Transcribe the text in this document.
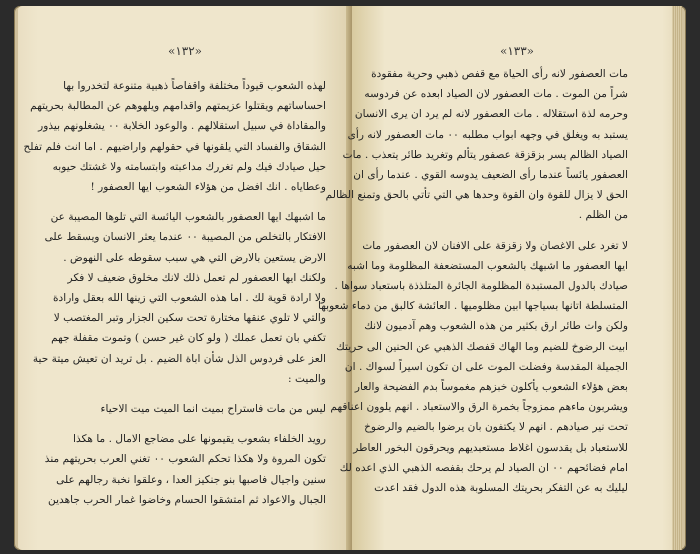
«١٣٢»
لهذه الشعوب قيوداً مختلفة واقفاصاً ذهبية متنوعة لتخدروا بها
احساساتهم ويقتلوا عزيمتهم واقدامهم ويلهوهم عن المطالبة بحريتهم
والمقاداة في سبيل استقلالهم . والوعود الخلابة ٠٠ يشغلونهم بيذور
الشقاق والفساد التي يلقونها في حقولهم واراضيهم . اما انت فلم تفلح
حيل صيادك فيك ولم تغررك مداعبته وابتسامته ولا غشتك حيوبه
وعطاياه . انك افضل من هؤلاء الشعوب ايها العصفور !
ما اشبهك ايها العصفور بالشعوب اليائسة التي تلوها المصيبة عن
الافتكار بالتخلص من المصيبة ٠٠ عندما يعثر الانسان ويسقط على
الارض يستعين بالارض التي هي سبب سقوطه على النهوض .
ولكنك ايها العصفور لم تعمل ذلك لانك مخلوق ضعيف لا فكر
ولا ارادة قوية لك . اما هذه الشعوب التي زينها الله بعقل وارادة
والتي لا تلوي عنقها مختارة تحت سكين الجزار وتبر المغتصب لا
تكفي بان تعمل عملك ( ولو كان غير حسن ) وتموت مقفلة جهم
العز على فردوس الذل شأن اباة الضيم . بل تريد ان تعيش ميتة حية
والميت :
ليس من مات فاستراح بميت انما الميت ميت الاحياء
رويد الخلفاء بشعوب يقيمونها على مضاجع الامال . ما هكذا
تكون المروة ولا هكذا تحكم الشعوب ٠٠ تغني العرب بحريتهم منذ
سنين واجيال فاصبها بنو جنكيز العدا ، وعلقوا نخبة رجالهم على
الجبال والاعواد ثم امتشقوا الحسام وخاضوا غمار الحرب جاهدين
«١٣٣»
مات العصفور لانه رأى الحياة مع قفص ذهبي وحرية مفقودة
شراً من الموت . مات العصفور لان الصياد ابعده عن فردوسه
وحرمه لذة استقلاله . مات العصفور لانه لم يرد ان يرى الانسان
يستبد به ويغلق في وجهه ابواب مطلبه ٠٠ مات العصفور لانه رأى
الصياد الظالم يسر بزقزقة عصفور يتألم وتغريد طائر يتعذب . مات
العصفور يائساً عندما رأى الضعيف يدوسه القوي . عندما رأى ان
الحق لا يزال للقوة وان القوة وحدها هي التي تأتي بالحق وتمنع الظالم
من الظلم .
لا تغرد على الاغصان ولا زقزقة على الافنان لان العصفور مات
ايها العصفور ما اشبهك بالشعوب المستضعفة المظلومة وما اشبه
صيادك بالدول المستبدة المظلومة الجائرة المتلذذة باستعباد سواها .
المتسلطة اتانها بسياجها ابين مظلوميها . العائشة كالبق من دماء شعوبها
ولكن وات طائر ارق بكثير من هذه الشعوب وهم آدميون لانك
ابيت الرضوخ للضيم وما الهاك قفصك الذهبي عن الحنين الى حريتك
الجميلة المقدسة وفضلت الموت على ان تكون اسيراً لسواك . ان
بعض هؤلاء الشعوب يأكلون خبزهم مغموساً بدم الفضيحة والعار
ويشربون ماءهم ممزوجاً بخمرة الرق والاستعباد . انهم يلوون اعناقهم
تحت نير صيادهم . انهم لا يكتفون بان يرضوا بالضيم والرضوخ
للاستعباد بل يقدسون اغلاط مستعبديهم ويحرقون البخور العاطر
امام فضائحهم ٠٠ ان الصياد لم يرحك بقفصه الذهبي الذي اعده لك
ليليك به عن التفكر بحريتك المسلوبة هذه الدول فقد اعدت
